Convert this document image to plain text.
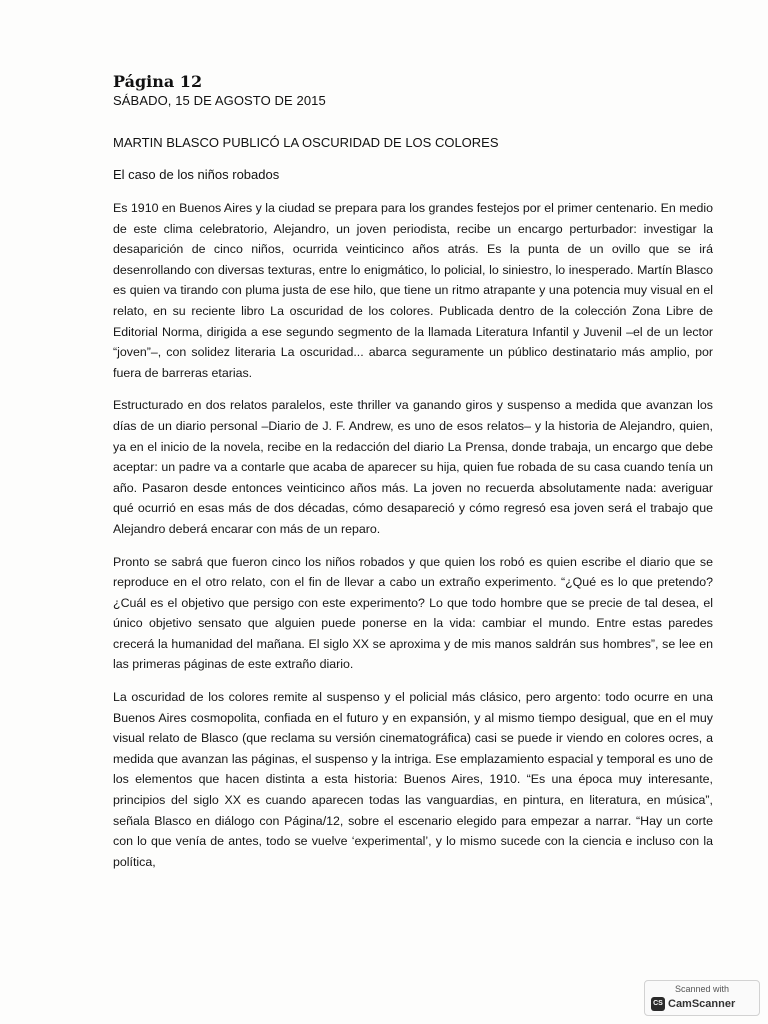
Página 12

SÁBADO, 15 DE AGOSTO DE 2015

MARTIN BLASCO PUBLICÓ LA OSCURIDAD DE LOS COLORES

El caso de los niños robados

Es 1910 en Buenos Aires y la ciudad se prepara para los grandes festejos por el primer centenario. En medio de este clima celebratorio, Alejandro, un joven periodista, recibe un encargo perturbador: investigar la desaparición de cinco niños, ocurrida veinticinco años atrás. Es la punta de un ovillo que se irá desenrollando con diversas texturas, entre lo enigmático, lo policial, lo siniestro, lo inesperado. Martín Blasco es quien va tirando con pluma justa de ese hilo, que tiene un ritmo atrapante y una potencia muy visual en el relato, en su reciente libro La oscuridad de los colores. Publicada dentro de la colección Zona Libre de Editorial Norma, dirigida a ese segundo segmento de la llamada Literatura Infantil y Juvenil –el de un lector “joven”–, con solidez literaria La oscuridad... abarca seguramente un público destinatario más amplio, por fuera de barreras etarias.

Estructurado en dos relatos paralelos, este thriller va ganando giros y suspenso a medida que avanzan los días de un diario personal –Diario de J. F. Andrew, es uno de esos relatos– y la historia de Alejandro, quien, ya en el inicio de la novela, recibe en la redacción del diario La Prensa, donde trabaja, un encargo que debe aceptar: un padre va a contarle que acaba de aparecer su hija, quien fue robada de su casa cuando tenía un año. Pasaron desde entonces veinticinco años más. La joven no recuerda absolutamente nada: averiguar qué ocurrió en esas más de dos décadas, cómo desapareció y cómo regresó esa joven será el trabajo que Alejandro deberá encarar con más de un reparo.

Pronto se sabrá que fueron cinco los niños robados y que quien los robó es quien escribe el diario que se reproduce en el otro relato, con el fin de llevar a cabo un extraño experimento. “¿Qué es lo que pretendo? ¿Cuál es el objetivo que persigo con este experimento? Lo que todo hombre que se precie de tal desea, el único objetivo sensato que alguien puede ponerse en la vida: cambiar el mundo. Entre estas paredes crecerá la humanidad del mañana. El siglo XX se aproxima y de mis manos saldrán sus hombres”, se lee en las primeras páginas de este extraño diario.

La oscuridad de los colores remite al suspenso y el policial más clásico, pero argento: todo ocurre en una Buenos Aires cosmopolita, confiada en el futuro y en expansión, y al mismo tiempo desigual, que en el muy visual relato de Blasco (que reclama su versión cinematográfica) casi se puede ir viendo en colores ocres, a medida que avanzan las páginas, el suspenso y la intriga. Ese emplazamiento espacial y temporal es uno de los elementos que hacen distinta a esta historia: Buenos Aires, 1910. “Es una época muy interesante, principios del siglo XX es cuando aparecen todas las vanguardias, en pintura, en literatura, en música”, señala Blasco en diálogo con Página/12, sobre el escenario elegido para empezar a narrar. “Hay un corte con lo que venía de antes, todo se vuelve ‘experimental’, y lo mismo sucede con la ciencia e incluso con la política,

Scanned with
CS CamScanner
